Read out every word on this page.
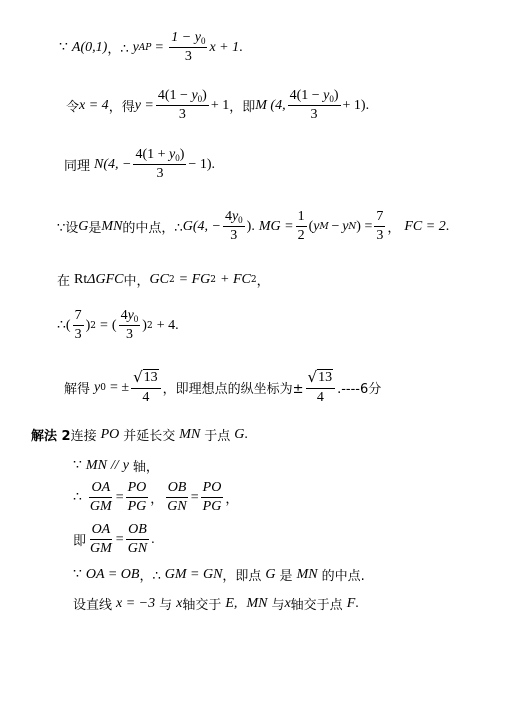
∵ A(0,1) ，∴ y AP = $\frac{1 - y_0}{3}$ x + 1 .
令 x = 4 ，得 $y = \frac{4(1 - y_0)}{3} + 1$ ，即 M (4, $\frac{4(1 - y_0)}{3} + 1$) .
同理 N(4, − $\frac{4(1 + y_0)}{3} - 1$) .
∵设 G 是 MN 的中点，∴ G(4, − $\frac{4y_0}{3}$ ). MG = $\frac{1}{2}$ ( y M  −  y N ) = $\frac{7}{3}$ ， FC = 2 .
在 Rt ΔGFC 中， GC 2 = FG 2 + FC 2 ，
∴ ( $\frac{7}{3}$ ) 2 = ( $\frac{4y_0}{3}$ ) 2 + 4 .
解得 y 0 = ± $\frac{√ 13}{4}$ ，即理想点的纵坐标为± $\frac{√ 13}{4} .----6$分
解法 2 连接 PO 并延长交 MN 于点 G .
∵ MN // y 轴，
∴ $\frac{OA}{GM} = \frac{PO}{PG}$ ， $\frac{OB}{GN} = \frac{PO}{PG}$ ，
即 $\frac{OA}{GM} = \frac{OB}{GN}$ .
∵ OA = OB ，∴ GM = GN ，即点 G 是 MN 的中点.
设直线 x = −3 与 x 轴交于 E, MN 与 x 轴交于点 F .
